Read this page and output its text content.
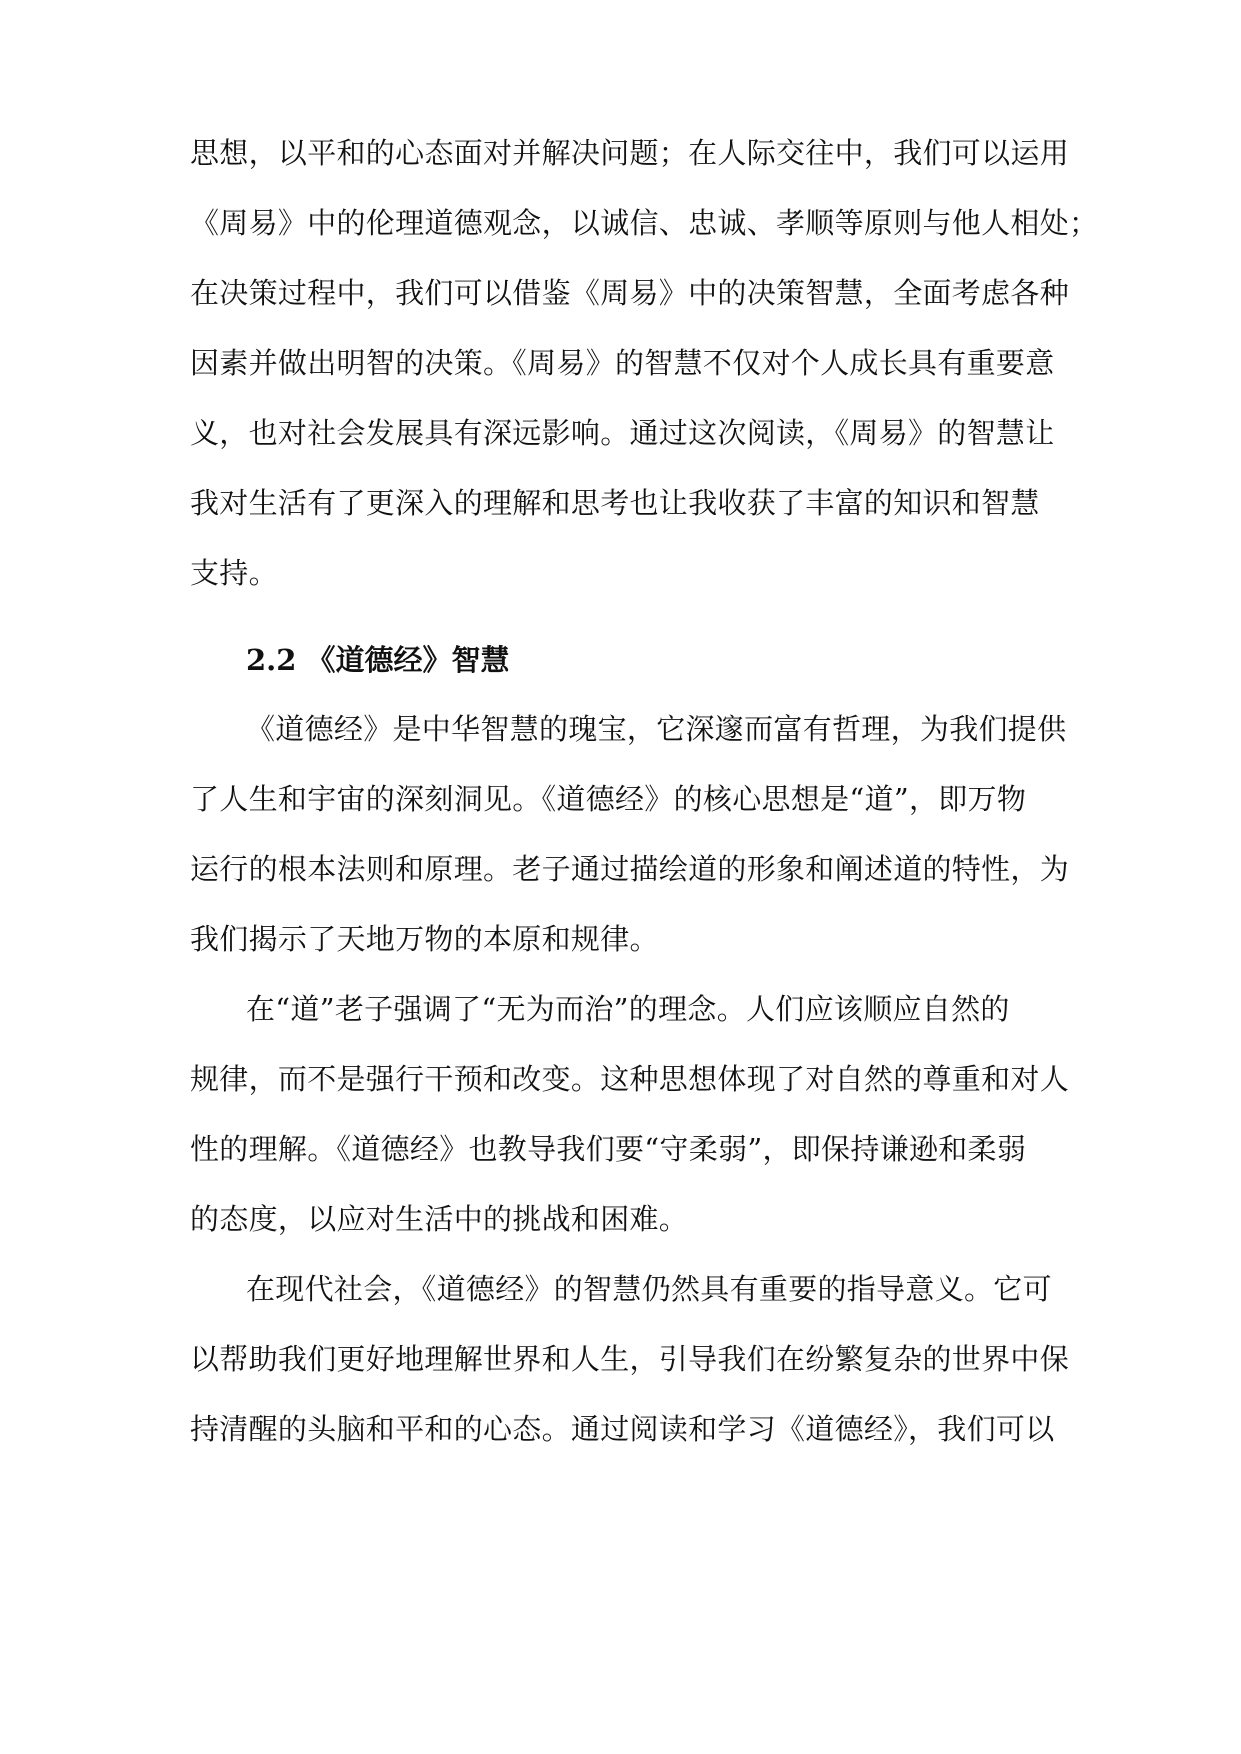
思想，以平和的心态面对并解决问题；在人际交往中，我们可以运用
《周易》中的伦理道德观念，以诚信、忠诚、孝顺等原则与他人相处；
在决策过程中，我们可以借鉴《周易》中的决策智慧，全面考虑各种
因素并做出明智的决策。《周易》的智慧不仅对个人成长具有重要意
义，也对社会发展具有深远影响。通过这次阅读，《周易》的智慧让
我对生活有了更深入的理解和思考也让我收获了丰富的知识和智慧
支持。
2.2 《道德经》智慧
《道德经》是中华智慧的瑰宝，它深邃而富有哲理，为我们提供
了人生和宇宙的深刻洞见。《道德经》的核心思想是“道”，即万物
运行的根本法则和原理。老子通过描绘道的形象和阐述道的特性，为
我们揭示了天地万物的本原和规律。
在“道”老子强调了“无为而治”的理念。人们应该顺应自然的
规律，而不是强行干预和改变。这种思想体现了对自然的尊重和对人
性的理解。《道德经》也教导我们要“守柔弱”，即保持谦逊和柔弱
的态度，以应对生活中的挑战和困难。
在现代社会，《道德经》的智慧仍然具有重要的指导意义。它可
以帮助我们更好地理解世界和人生，引导我们在纷繁复杂的世界中保
持清醒的头脑和平和的心态。通过阅读和学习《道德经》，我们可以
